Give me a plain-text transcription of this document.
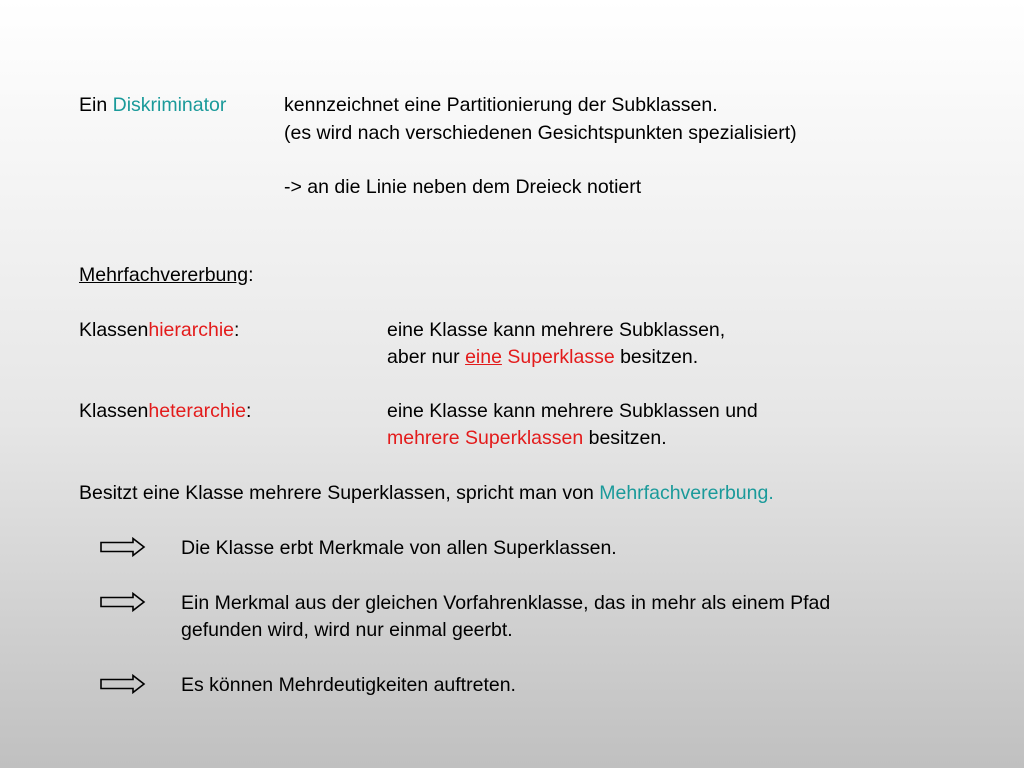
Ein Diskriminator	kennzeichnet eine Partitionierung der Subklassen.
(es wird nach verschiedenen Gesichtspunkten spezialisiert)
-> an die Linie neben dem Dreieck notiert
Mehrfachvererbung:
Klassenhierarchie:	eine Klasse kann mehrere Subklassen,
aber nur eine Superklasse besitzen.
Klassenheterarchie:	eine Klasse kann mehrere Subklassen und
mehrere Superklassen besitzen.
Besitzt eine Klasse mehrere Superklassen, spricht man von Mehrfachvererbung.
Die Klasse erbt Merkmale von allen Superklassen.
Ein Merkmal aus der gleichen Vorfahrenklasse, das in mehr als einem Pfad
gefunden wird, wird nur einmal geerbt.
Es können Mehrdeutigkeiten auftreten.
